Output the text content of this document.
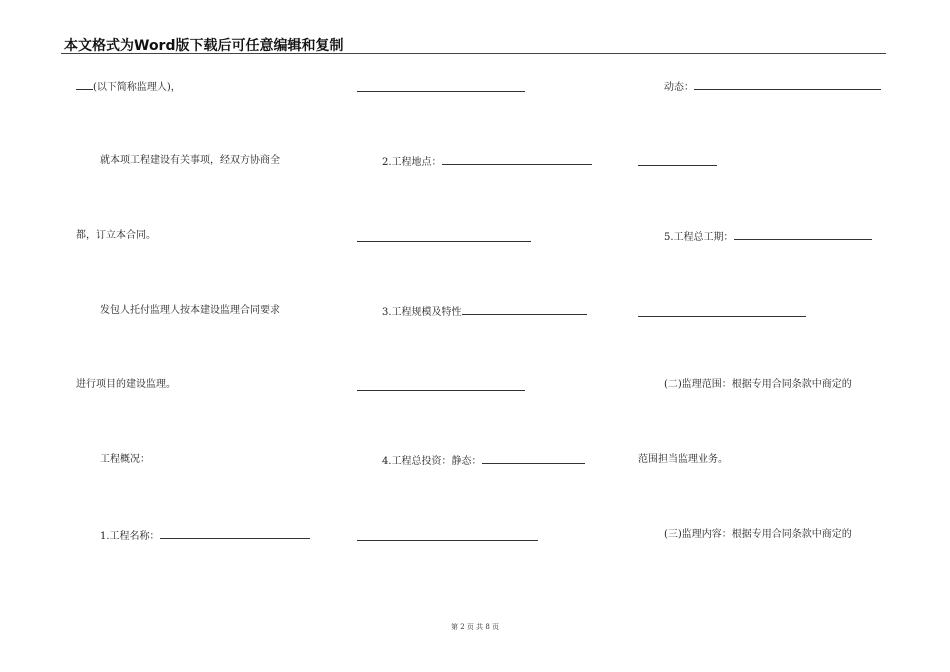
本文格式为Word版下载后可任意编辑和复制
(以下简称监理人)，
就本项工程建设有关事项，经双方协商全
都，订立本合同。
发包人托付监理人按本建设监理合同要求
进行项目的建设监理。
工程概况：
1.工程名称：
2.工程地点：
3.工程规模及特性
4.工程总投资：静态：
动态：
5.工程总工期：
(二)监理范围：根据专用合同条款中商定的
范围担当监理业务。
(三)监理内容：根据专用合同条款中商定的
第 2 页 共 8 页
